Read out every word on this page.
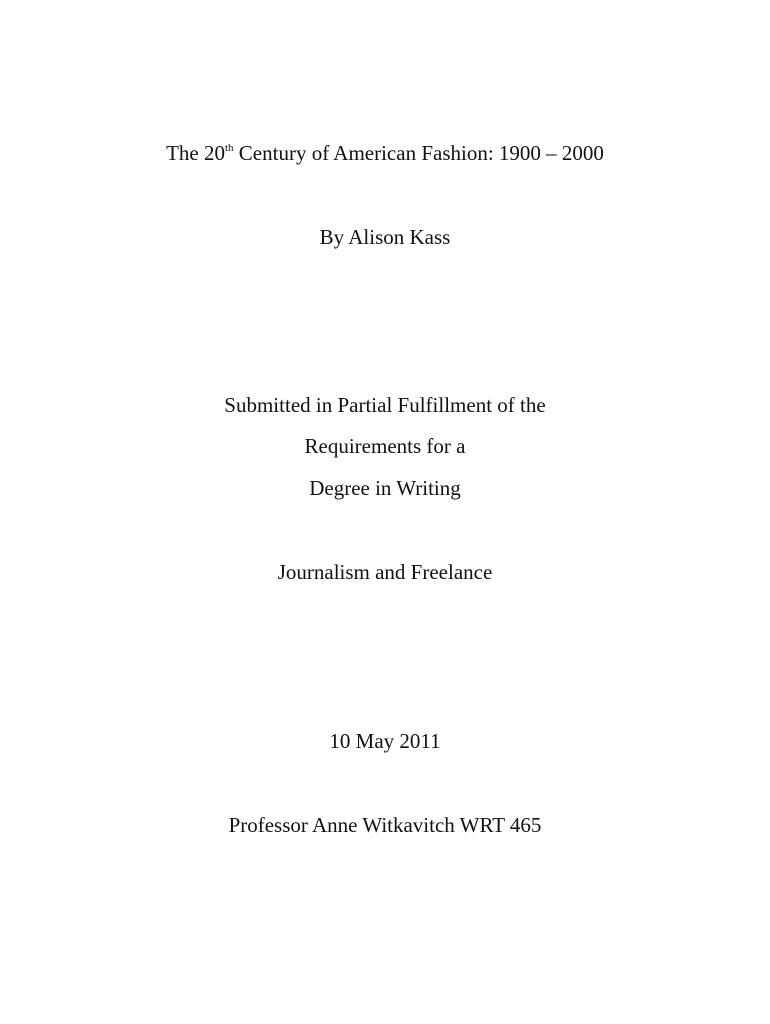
The 20th Century of American Fashion: 1900 – 2000
By Alison Kass
Submitted in Partial Fulfillment of the
Requirements for a
Degree in Writing
Journalism and Freelance
10 May 2011
Professor Anne Witkavitch WRT 465
